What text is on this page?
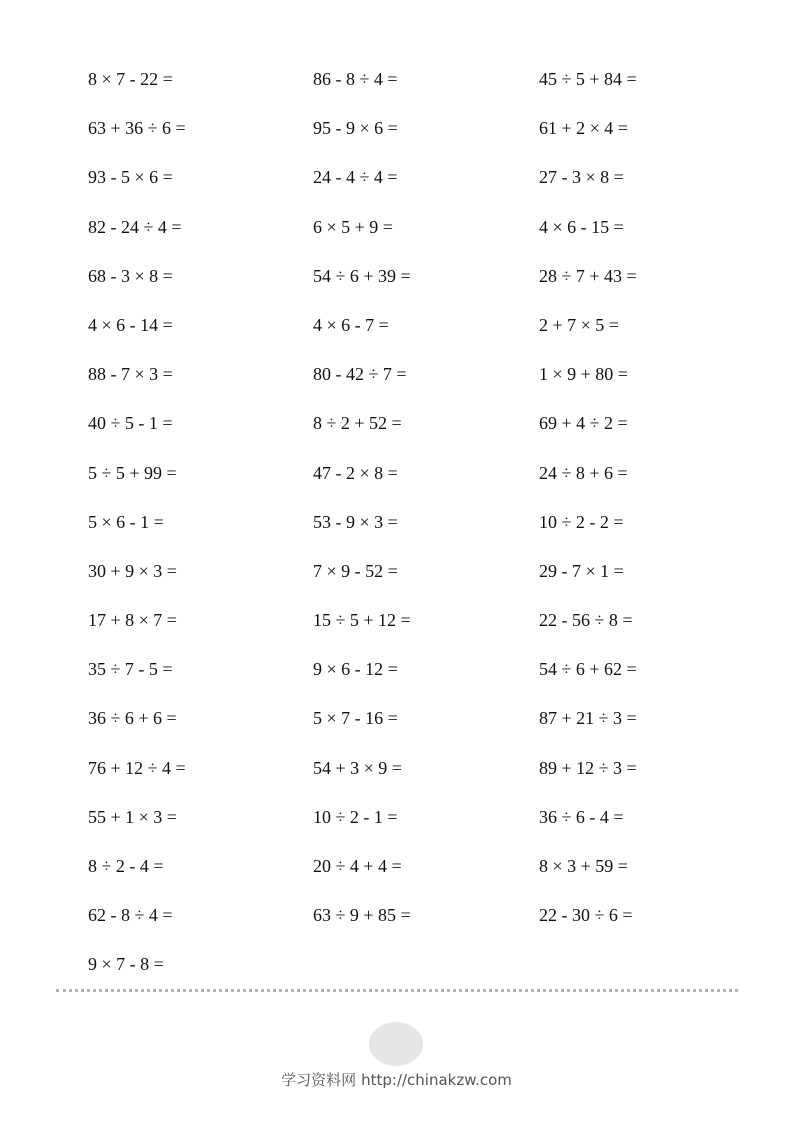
8 × 7 - 22 =	86 - 8 ÷ 4 =	45 ÷ 5 + 84 =
63 + 36 ÷ 6 =	95 - 9 × 6 =	61 + 2 × 4 =
93 - 5 × 6 =	24 - 4 ÷ 4 =	27 - 3 × 8 =
82 - 24 ÷ 4 =	6 × 5 + 9 =	4 × 6 - 15 =
68 - 3 × 8 =	54 ÷ 6 + 39 =	28 ÷ 7 + 43 =
4 × 6 - 14 =	4 × 6 - 7 =	2 + 7 × 5 =
88 - 7 × 3 =	80 - 42 ÷ 7 =	1 × 9 + 80 =
40 ÷ 5 - 1 =	8 ÷ 2 + 52 =	69 + 4 ÷ 2 =
5 ÷ 5 + 99 =	47 - 2 × 8 =	24 ÷ 8 + 6 =
5 × 6 - 1 =	53 - 9 × 3 =	10 ÷ 2 - 2 =
30 + 9 × 3 =	7 × 9 - 52 =	29 - 7 × 1 =
17 + 8 × 7 =	15 ÷ 5 + 12 =	22 - 56 ÷ 8 =
35 ÷ 7 - 5 =	9 × 6 - 12 =	54 ÷ 6 + 62 =
36 ÷ 6 + 6 =	5 × 7 - 16 =	87 + 21 ÷ 3 =
76 + 12 ÷ 4 =	54 + 3 × 9 =	89 + 12 ÷ 3 =
55 + 1 × 3 =	10 ÷ 2 - 1 =	36 ÷ 6 - 4 =
8 ÷ 2 - 4 =	20 ÷ 4 + 4 =	8 × 3 + 59 =
62 - 8 ÷ 4 =	63 ÷ 9 + 85 =	22 - 30 ÷ 6 =
9 × 7 - 8 =
学习资料网 http://chinakzw.com
